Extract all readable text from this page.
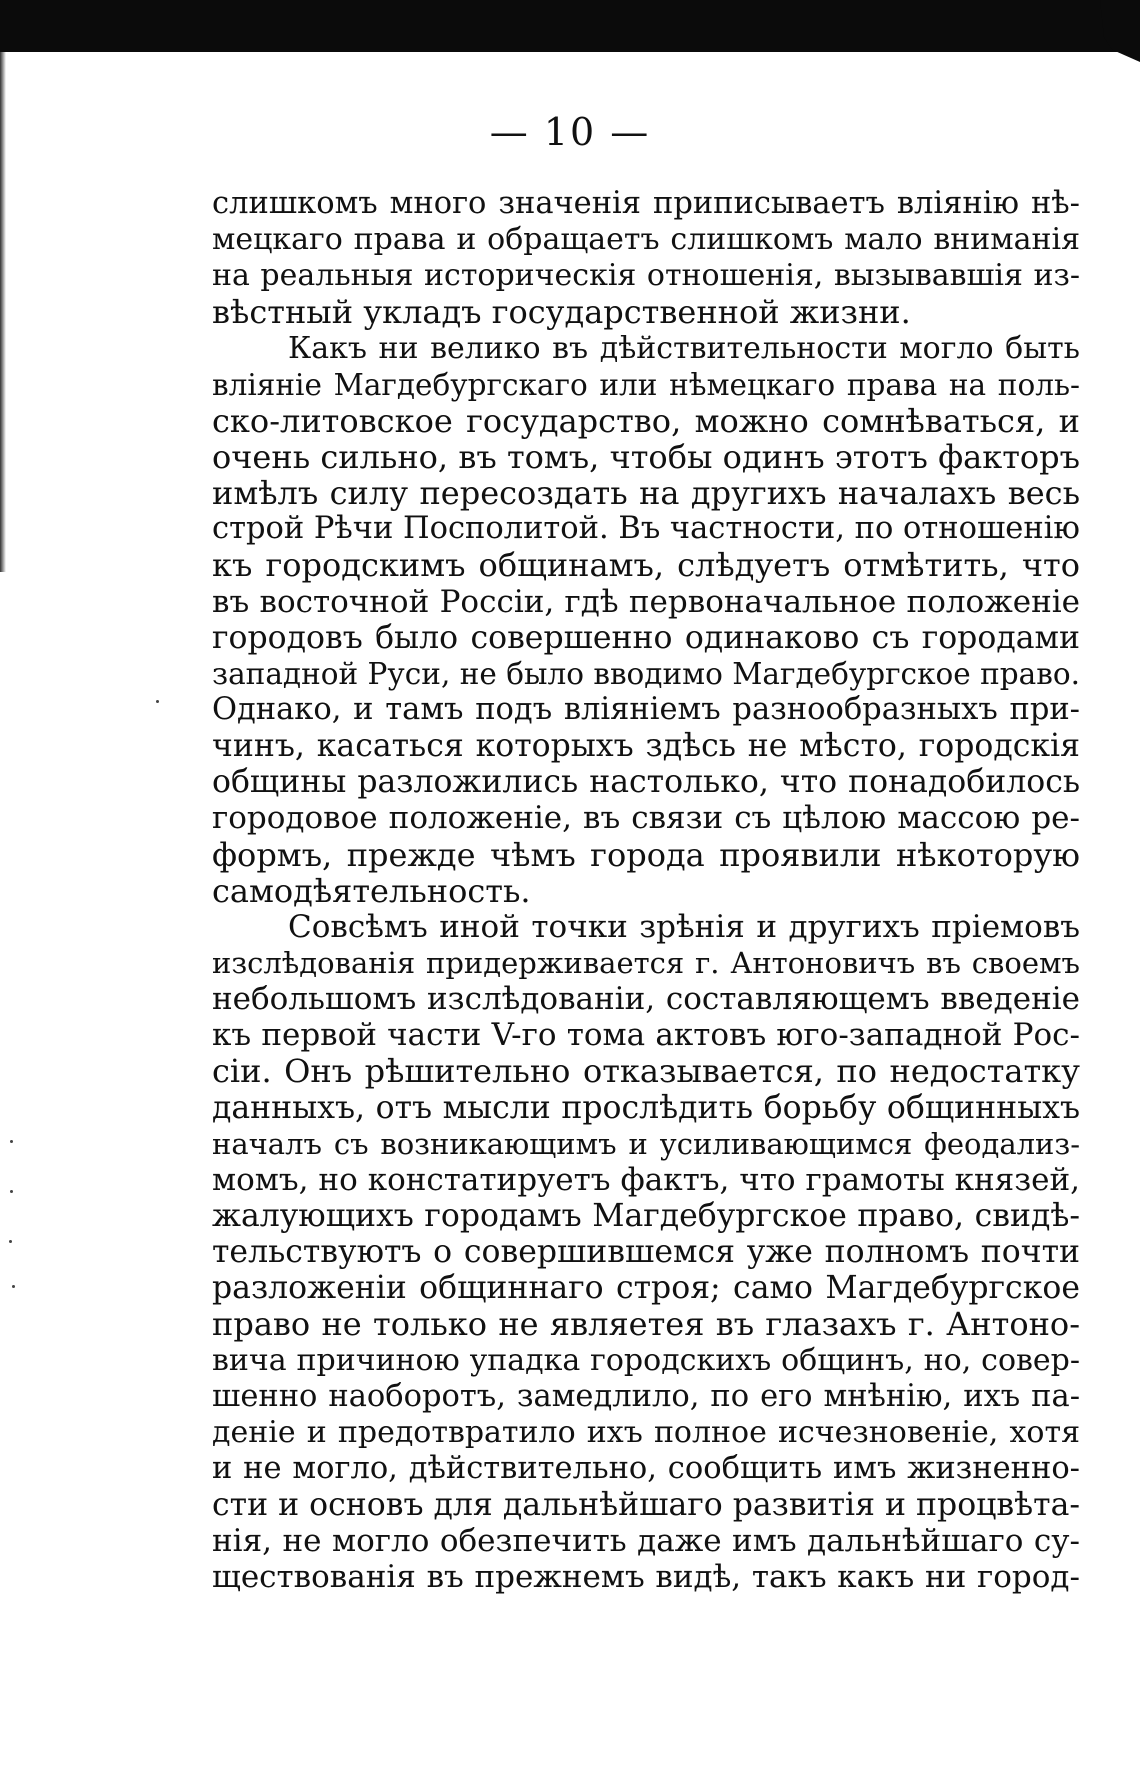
— 10 —
слишкомъ много значенія приписываетъ вліянію нѣ-
мецкаго права и обращаетъ слишкомъ мало вниманія
на реальныя историческія отношенія, вызывавшія из-
вѣстный укладъ государственной жизни.
Какъ ни велико въ дѣйствительности могло быть
вліяніе Магдебургскаго или нѣмецкаго права на поль-
ско-литовское государство, можно сомнѣваться, и
очень сильно, въ томъ, чтобы одинъ этотъ факторъ
имѣлъ силу пересоздать на другихъ началахъ весь
строй Рѣчи Посполитой. Въ частности, по отношенію
къ городскимъ общинамъ, слѣдуетъ отмѣтить, что
въ восточной Россіи, гдѣ первоначальное положеніе
городовъ было совершенно одинаково съ городами
западной Руси, не было вводимо Магдебургское право.
Однако, и тамъ подъ вліяніемъ разнообразныхъ при-
чинъ, касаться которыхъ здѣсь не мѣсто, городскія
общины разложились настолько, что понадобилось
городовое положеніе, въ связи съ цѣлою массою ре-
формъ, прежде чѣмъ города проявили нѣкоторую
самодѣятельность.
Совсѣмъ иной точки зрѣнія и другихъ пріемовъ
изслѣдованія придерживается г. Антоновичъ въ своемъ
небольшомъ изслѣдованіи, составляющемъ введеніе
къ первой части V-го тома актовъ юго-западной Рос-
сіи. Онъ рѣшительно отказывается, по недостатку
данныхъ, отъ мысли прослѣдить борьбу общинныхъ
началъ съ возникающимъ и усиливающимся феодализ-
момъ, но констатируетъ фактъ, что грамоты князей,
жалующихъ городамъ Магдебургское право, свидѣ-
тельствуютъ о совершившемся уже полномъ почти
разложеніи общиннаго строя; само Магдебургское
право не только не являетея въ глазахъ г. Антоно-
вича причиною упадка городскихъ общинъ, но, совер-
шенно наоборотъ, замедлило, по его мнѣнію, ихъ па-
деніе и предотвратило ихъ полное исчезновеніе, хотя
и не могло, дѣйствительно, сообщить имъ жизненно-
сти и основъ для дальнѣйшаго развитія и процвѣта-
нія, не могло обезпечить даже имъ дальнѣйшаго су-
ществованія въ прежнемъ видѣ, такъ какъ ни город-
